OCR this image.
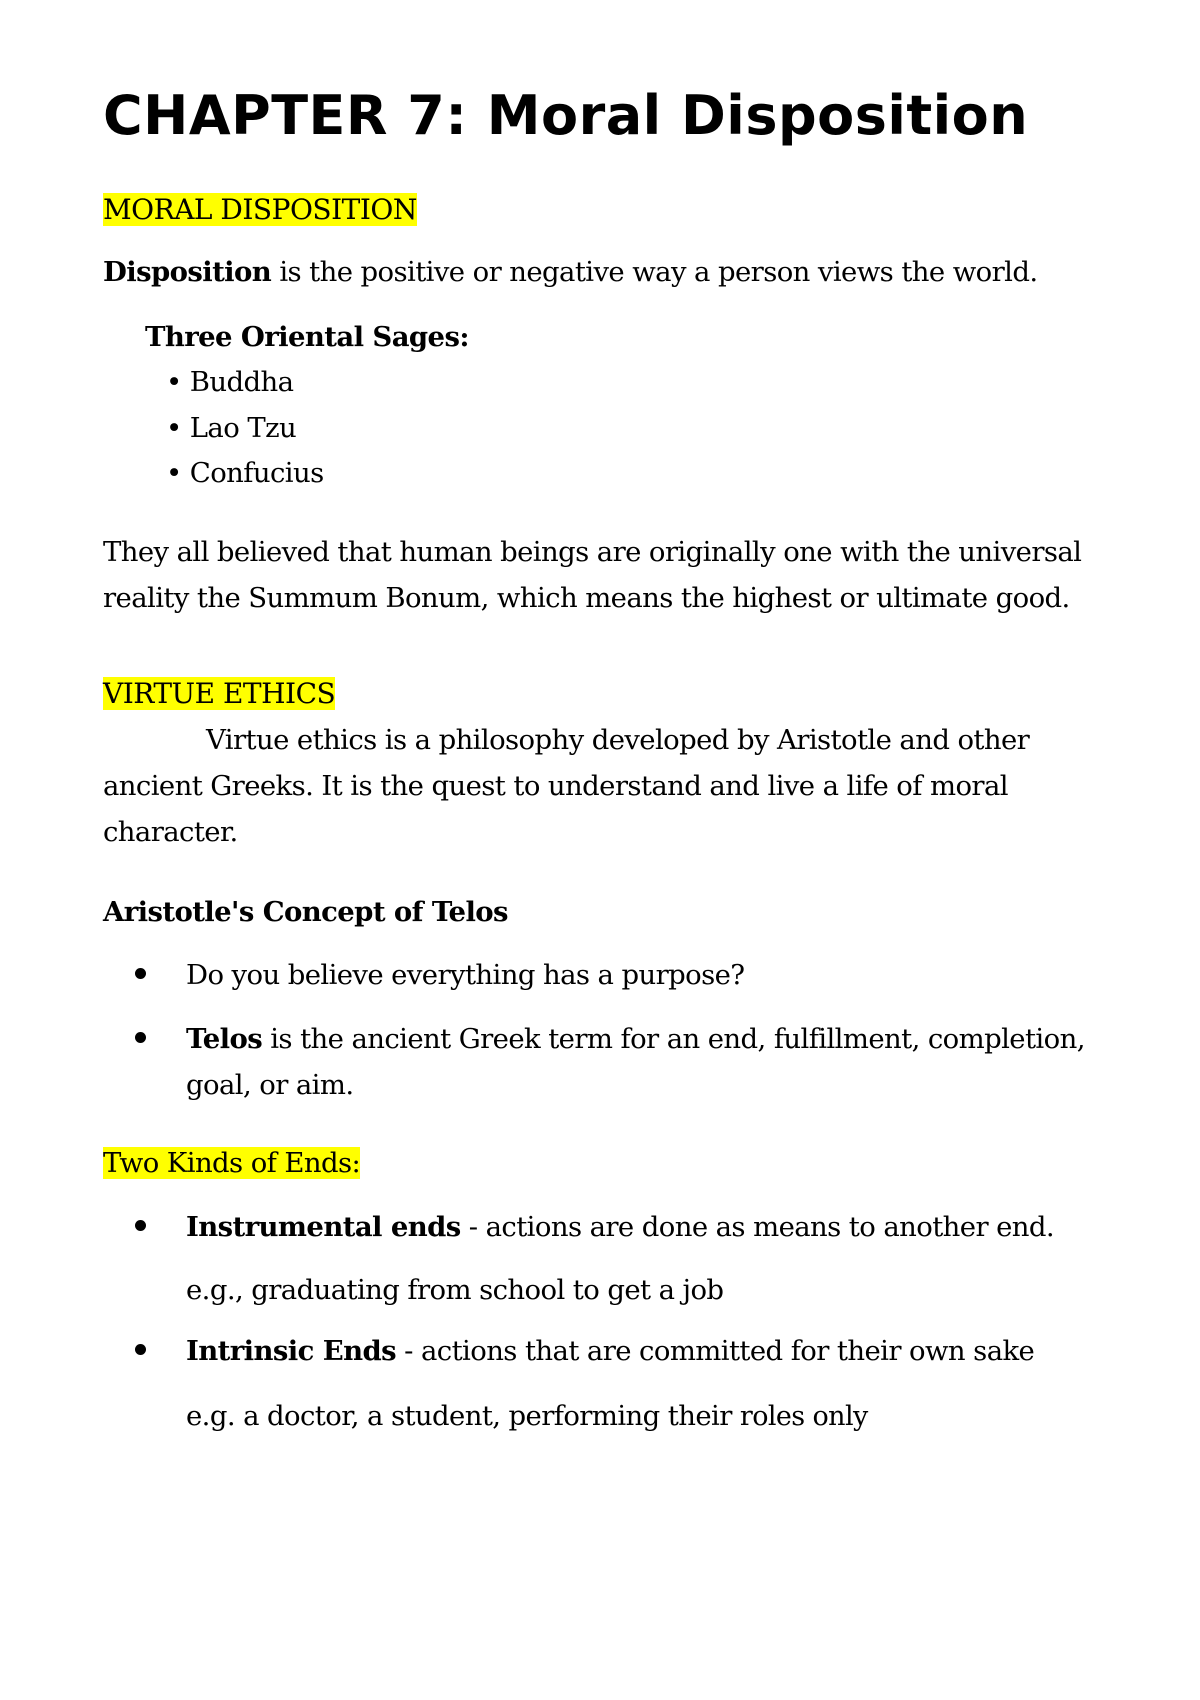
CHAPTER 7: Moral Disposition
MORAL DISPOSITION
Disposition is the positive or negative way a person views the world.
Three Oriental Sages:
• Buddha
• Lao Tzu
• Confucius
They all believed that human beings are originally one with the universal
reality the Summum Bonum, which means the highest or ultimate good.
VIRTUE ETHICS
Virtue ethics is a philosophy developed by Aristotle and other
ancient Greeks. It is the quest to understand and live a life of moral
character.
Aristotle's Concept of Telos
Do you believe everything has a purpose?
Telos is the ancient Greek term for an end, fulfillment, completion,
goal, or aim.
Two Kinds of Ends:
Instrumental ends - actions are done as means to another end.
e.g., graduating from school to get a job
Intrinsic Ends - actions that are committed for their own sake
e.g. a doctor, a student, performing their roles only
